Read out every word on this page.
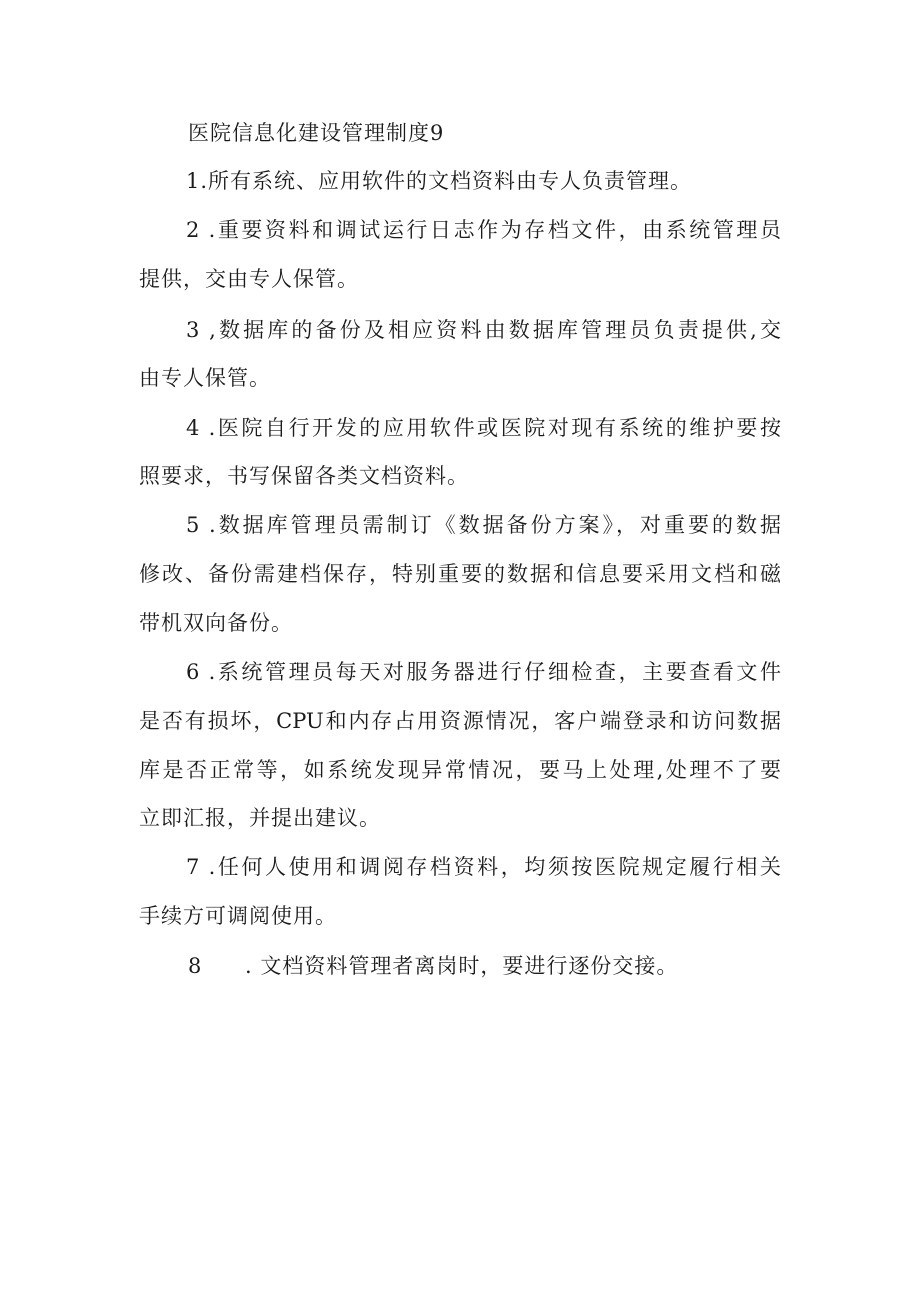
医院信息化建设管理制度9
1.所有系统、应用软件的文档资料由专人负责管理。
2 .重要资料和调试运行日志作为存档文件，由系统管理员
提供，交由专人保管。
3 ,数据库的备份及相应资料由数据库管理员负责提供,交
由专人保管。
4 .医院自行开发的应用软件或医院对现有系统的维护要按
照要求，书写保留各类文档资料。
5 .数据库管理员需制订《数据备份方案》，对重要的数据
修改、备份需建档保存，特别重要的数据和信息要采用文档和磁
带机双向备份。
6 .系统管理员每天对服务器进行仔细检查，主要查看文件
是否有损坏，CPU和内存占用资源情况，客户端登录和访问数据
库是否正常等，如系统发现异常情况，要马上处理,处理不了要
立即汇报，并提出建议。
7 .任何人使用和调阅存档资料，均须按医院规定履行相关
手续方可调阅使用。
8 . 文档资料管理者离岗时，要进行逐份交接。
